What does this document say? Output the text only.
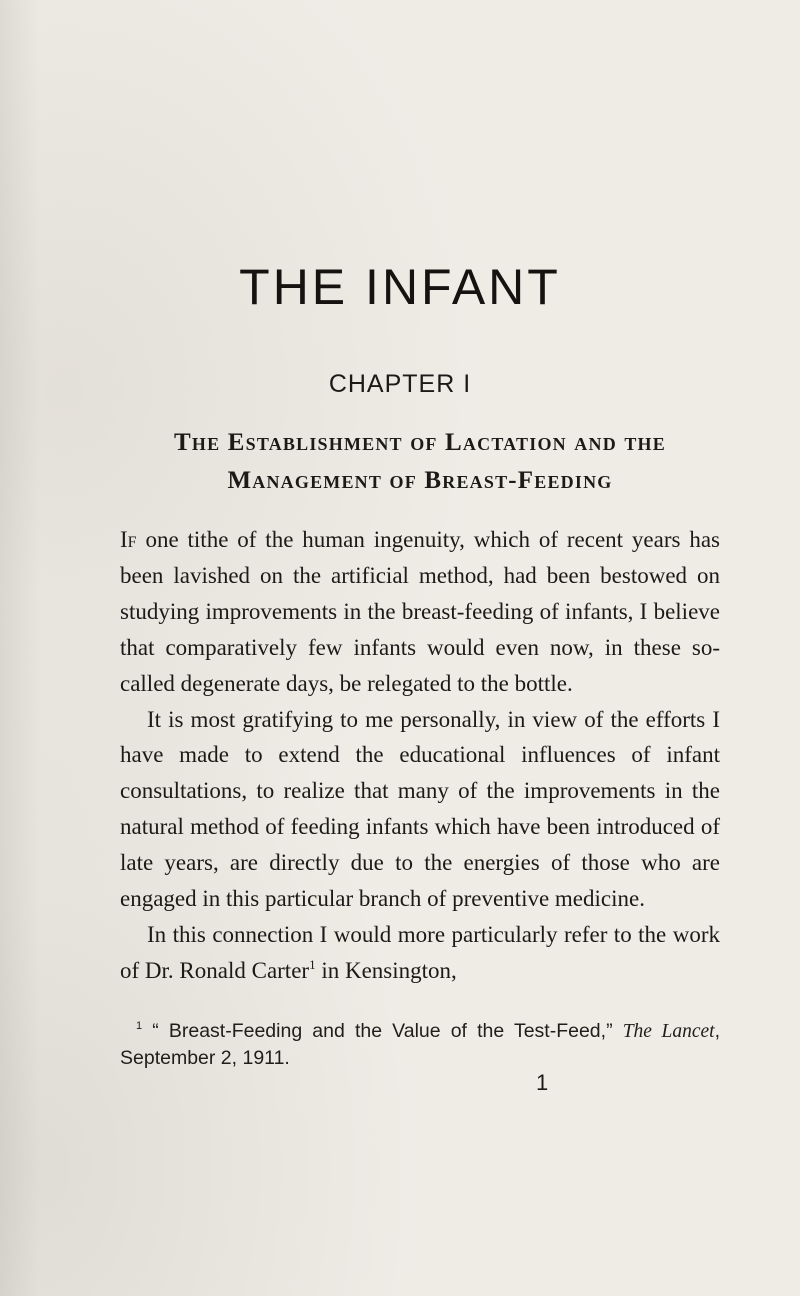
THE INFANT
CHAPTER I
The Establishment of Lactation and the
Management of Breast-Feeding

If one tithe of the human ingenuity, which of recent years has been lavished on the artificial method, had been bestowed on studying improvements in the breast-feeding of infants, I believe that comparatively few infants would even now, in these so-called degenerate days, be relegated to the bottle.

It is most gratifying to me personally, in view of the efforts I have made to extend the educational influences of infant consultations, to realize that many of the improvements in the natural method of feeding infants which have been introduced of late years, are directly due to the energies of those who are engaged in this particular branch of preventive medicine.

In this connection I would more particularly refer to the work of Dr. Ronald Carter$^1$ in Kensington,

$^1$ “ Breast-Feeding and the Value of the Test-Feed,” The Lancet, September 2, 1911.

1
